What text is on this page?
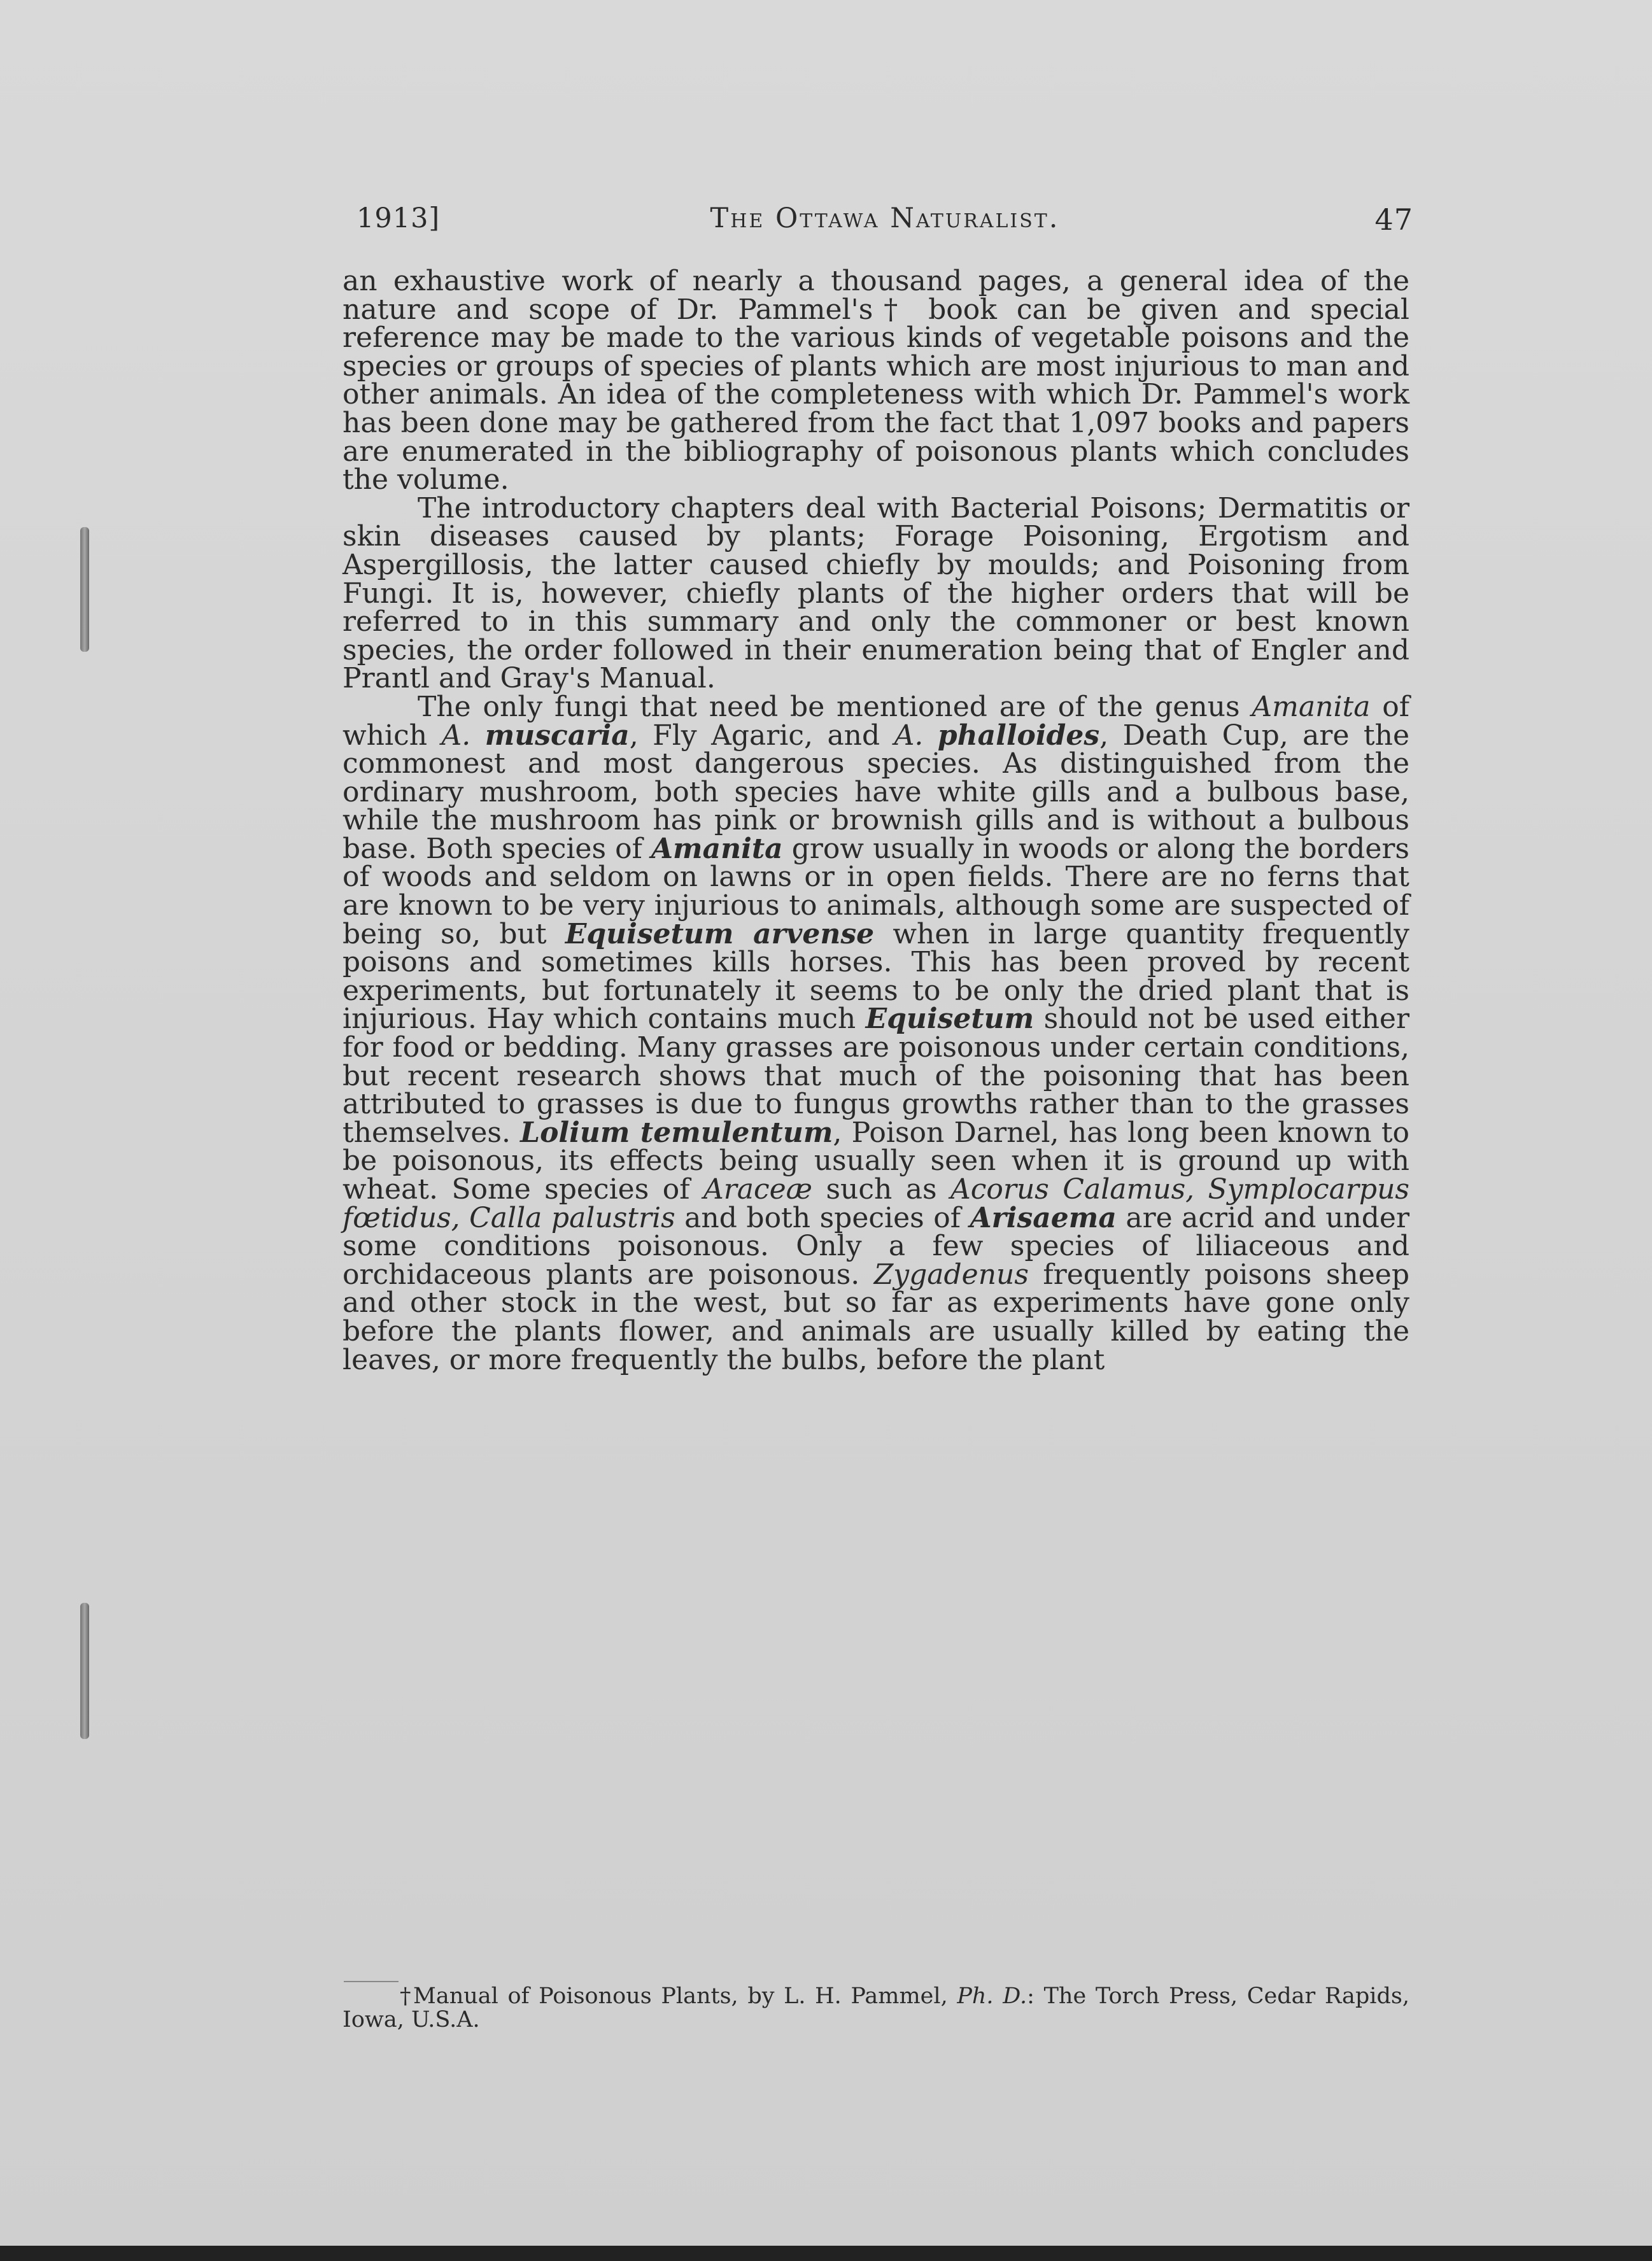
1913]	The Ottawa Naturalist.	47

an exhaustive work of nearly a thousand pages, a general idea of the nature and scope of Dr. Pammel's† book can be given and special reference may be made to the various kinds of vegetable poisons and the species or groups of species of plants which are most injurious to man and other animals. An idea of the completeness with which Dr. Pammel's work has been done may be gathered from the fact that 1,097 books and papers are enumerated in the bibliography of poisonous plants which concludes the volume.

The introductory chapters deal with Bacterial Poisons; Dermatitis or skin diseases caused by plants; Forage Poisoning, Ergotism and Aspergillosis, the latter caused chiefly by moulds; and Poisoning from Fungi. It is, however, chiefly plants of the higher orders that will be referred to in this summary and only the commoner or best known species, the order followed in their enumeration being that of Engler and Prantl and Gray's Manual.

The only fungi that need be mentioned are of the genus Amanita of which A. muscaria, Fly Agaric, and A. phalloides, Death Cup, are the commonest and most dangerous species. As distinguished from the ordinary mushroom, both species have white gills and a bulbous base, while the mushroom has pink or brownish gills and is without a bulbous base. Both species of Amanita grow usually in woods or along the borders of woods and seldom on lawns or in open fields. There are no ferns that are known to be very injurious to animals, although some are suspected of being so, but Equisetum arvense when in large quantity frequently poisons and sometimes kills horses. This has been proved by recent experiments, but fortunately it seems to be only the dried plant that is injurious. Hay which contains much Equisetum should not be used either for food or bedding. Many grasses are poisonous under certain conditions, but recent research shows that much of the poisoning that has been attributed to grasses is due to fungus growths rather than to the grasses themselves. Lolium temulentum, Poison Darnel, has long been known to be poisonous, its effects being usually seen when it is ground up with wheat. Some species of Araceæ such as Acorus Calamus, Symplocarpus fœtidus, Calla palustris and both species of Arisaema are acrid and under some conditions poisonous. Only a few species of liliaceous and orchidaceous plants are poisonous. Zygadenus frequently poisons sheep and other stock in the west, but so far as experiments have gone only before the plants flower, and animals are usually killed by eating the leaves, or more frequently the bulbs, before the plant

†Manual of Poisonous Plants, by L. H. Pammel, Ph. D.: The Torch Press, Cedar Rapids, Iowa, U.S.A.
